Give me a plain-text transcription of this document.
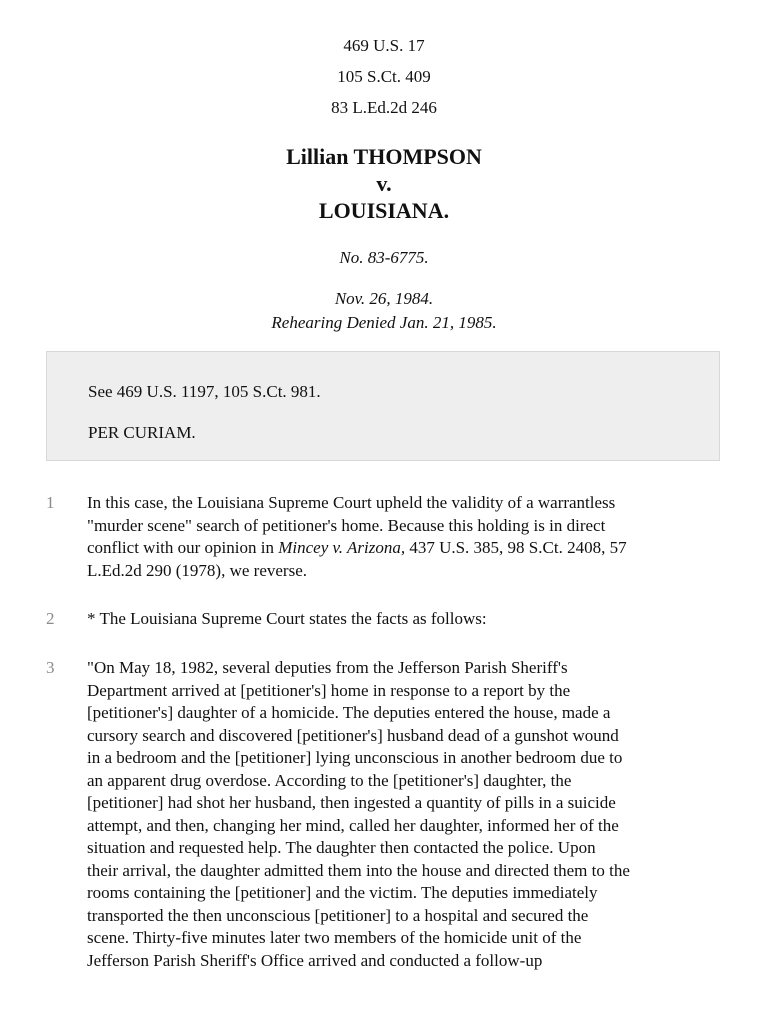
469 U.S. 17
105 S.Ct. 409
83 L.Ed.2d 246
Lillian THOMPSON
v.
LOUISIANA.
No. 83-6775.
Nov. 26, 1984.
Rehearing Denied Jan. 21, 1985.
See 469 U.S. 1197, 105 S.Ct. 981.
PER CURIAM.
1 In this case, the Louisiana Supreme Court upheld the validity of a warrantless
"murder scene" search of petitioner's home. Because this holding is in direct
conflict with our opinion in Mincey v. Arizona, 437 U.S. 385, 98 S.Ct. 2408, 57
L.Ed.2d 290 (1978), we reverse.
2 * The Louisiana Supreme Court states the facts as follows:
3 "On May 18, 1982, several deputies from the Jefferson Parish Sheriff's
Department arrived at [petitioner's] home in response to a report by the
[petitioner's] daughter of a homicide. The deputies entered the house, made a
cursory search and discovered [petitioner's] husband dead of a gunshot wound
in a bedroom and the [petitioner] lying unconscious in another bedroom due to
an apparent drug overdose. According to the [petitioner's] daughter, the
[petitioner] had shot her husband, then ingested a quantity of pills in a suicide
attempt, and then, changing her mind, called her daughter, informed her of the
situation and requested help. The daughter then contacted the police. Upon
their arrival, the daughter admitted them into the house and directed them to the
rooms containing the [petitioner] and the victim. The deputies immediately
transported the then unconscious [petitioner] to a hospital and secured the
scene. Thirty-five minutes later two members of the homicide unit of the
Jefferson Parish Sheriff's Office arrived and conducted a follow-up
